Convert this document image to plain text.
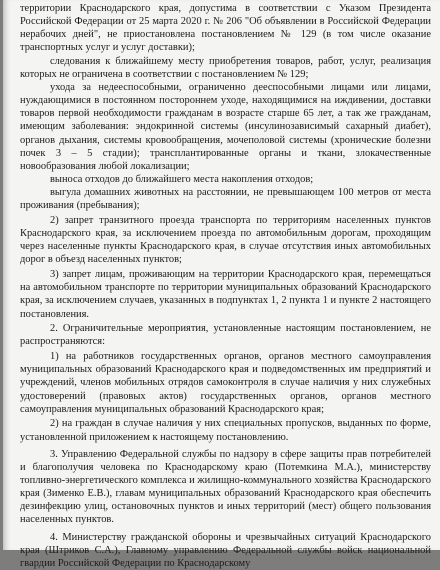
территории Краснодарского края, допустима в соответствии с Указом Президента Российской Федерации от 25 марта 2020 г. № 206 "Об объявлении в Российской Федерации нерабочих дней", не приостановлена постановлением № 129 (в том числе оказание транспортных услуг и услуг доставки);

следования к ближайшему месту приобретения товаров, работ, услуг, реализация которых не ограничена в соответствии с постановлением № 129;

ухода за недееспособными, ограниченно дееспособными лицами или лицами, нуждающимися в постоянном постороннем уходе, находящимися на иждивении, доставки товаров первой необходимости гражданам в возрасте старше 65 лет, а так же гражданам, имеющим заболевания: эндокринной системы (инсулинозависимый сахарный диабет), органов дыхания, системы кровообращения, мочеполовой системы (хронические болезни почек 3 – 5 стадии); трансплантированные органы и ткани, злокачественные новообразования любой локализации;

выноса отходов до ближайшего места накопления отходов;

выгула домашних животных на расстоянии, не превышающем 100 метров от места проживания (пребывания);

2) запрет транзитного проезда транспорта по территориям населенных пунктов Краснодарского края, за исключением проезда по автомобильным дорогам, проходящим через населенные пункты Краснодарского края, в случае отсутствия иных автомобильных дорог в объезд населенных пунктов;

3) запрет лицам, проживающим на территории Краснодарского края, перемещаться на автомобильном транспорте по территории муниципальных образований Краснодарского края, за исключением случаев, указанных в подпунктах 1, 2 пункта 1 и пункте 2 настоящего постановления.

2. Ограничительные мероприятия, установленные настоящим постановлением, не распространяются:

1) на работников государственных органов, органов местного самоуправления муниципальных образований Краснодарского края и подведомственных им предприятий и учреждений, членов мобильных отрядов самоконтроля в случае наличия у них служебных удостоверений (правовых актов) государственных органов, органов местного самоуправления муниципальных образований Краснодарского края;

2) на граждан в случае наличия у них специальных пропусков, выданных по форме, установленной приложением к настоящему постановлению.

3. Управлению Федеральной службы по надзору в сфере защиты прав потребителей и благополучия человека по Краснодарскому краю (Потемкина М.А.), министерству топливно-энергетического комплекса и жилищно-коммунального хозяйства Краснодарского края (Зименко Е.В.), главам муниципальных образований Краснодарского края обеспечить дезинфекцию улиц, остановочных пунктов и иных территорий (мест) общего пользования населенных пунктов.

4. Министерству гражданской обороны и чрезвычайных ситуаций Краснодарского края (Штриков С.А.), Главному управлению Федеральной службы войск национальной гвардии Российской Федерации по Краснодарскому
